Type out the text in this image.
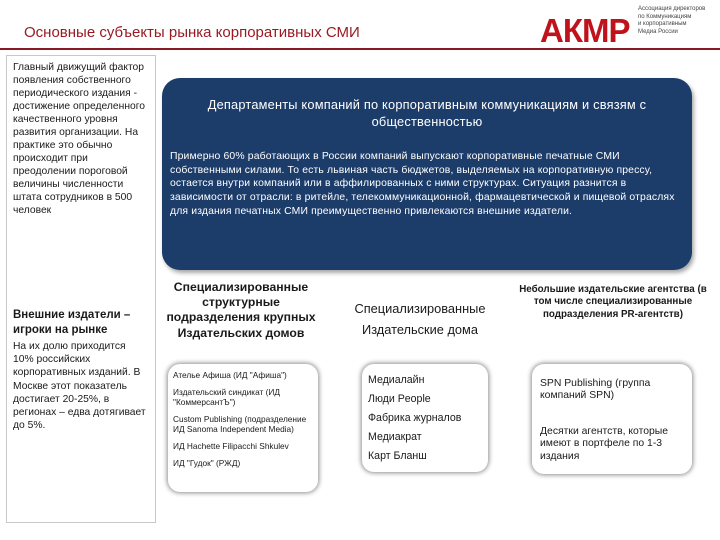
Основные субъекты рынка корпоративных СМИ	АКМР
Ассоциация директоров
по Коммуникациям
и корпоративным
Медиа России
Главный движущий фактор появления собственного периодического издания - достижение определенного качественного уровня развития организации. На практике это обычно происходит при преодолении пороговой величины численности штата сотрудников в 500 человек
Внешние издатели – игроки на рынке
На их долю приходится 10% российских корпоративных изданий. В Москве этот показатель достигает 20-25%, в регионах – едва дотягивает до 5%.
Департаменты компаний по корпоративным коммуникациям и связям с общественностью
Примерно 60% работающих в России компаний выпускают корпоративные печатные СМИ собственными силами. То есть львиная часть бюджетов, выделяемых на корпоративную прессу, остается внутри компаний или в аффилированных с ними структурах. Ситуация разнится в зависимости от отрасли: в ритейле, телекоммуникационной, фармацевтической и пищевой отраслях для издания печатных СМИ преимущественно привлекаются внешние издатели.
Специализированные структурные подразделения крупных Издательских домов
Специализированные Издательские дома
Небольшие издательские агентства (в том числе специализированные подразделения PR-агентств)
Ателье Афиша (ИД "Афиша")
Издательский синдикат (ИД "КоммерсантЪ")
Custom Publishing (подразделение ИД Sanoma Independent Media)
ИД Hachette Filipacchi Shkulev
ИД "Гудок" (РЖД)
Медиалайн
Люди People
Фабрика журналов
Медиакрат
Карт Бланш
SPN Publishing (группа компаний SPN)
Десятки агентств, которые имеют в портфеле по 1-3 издания
